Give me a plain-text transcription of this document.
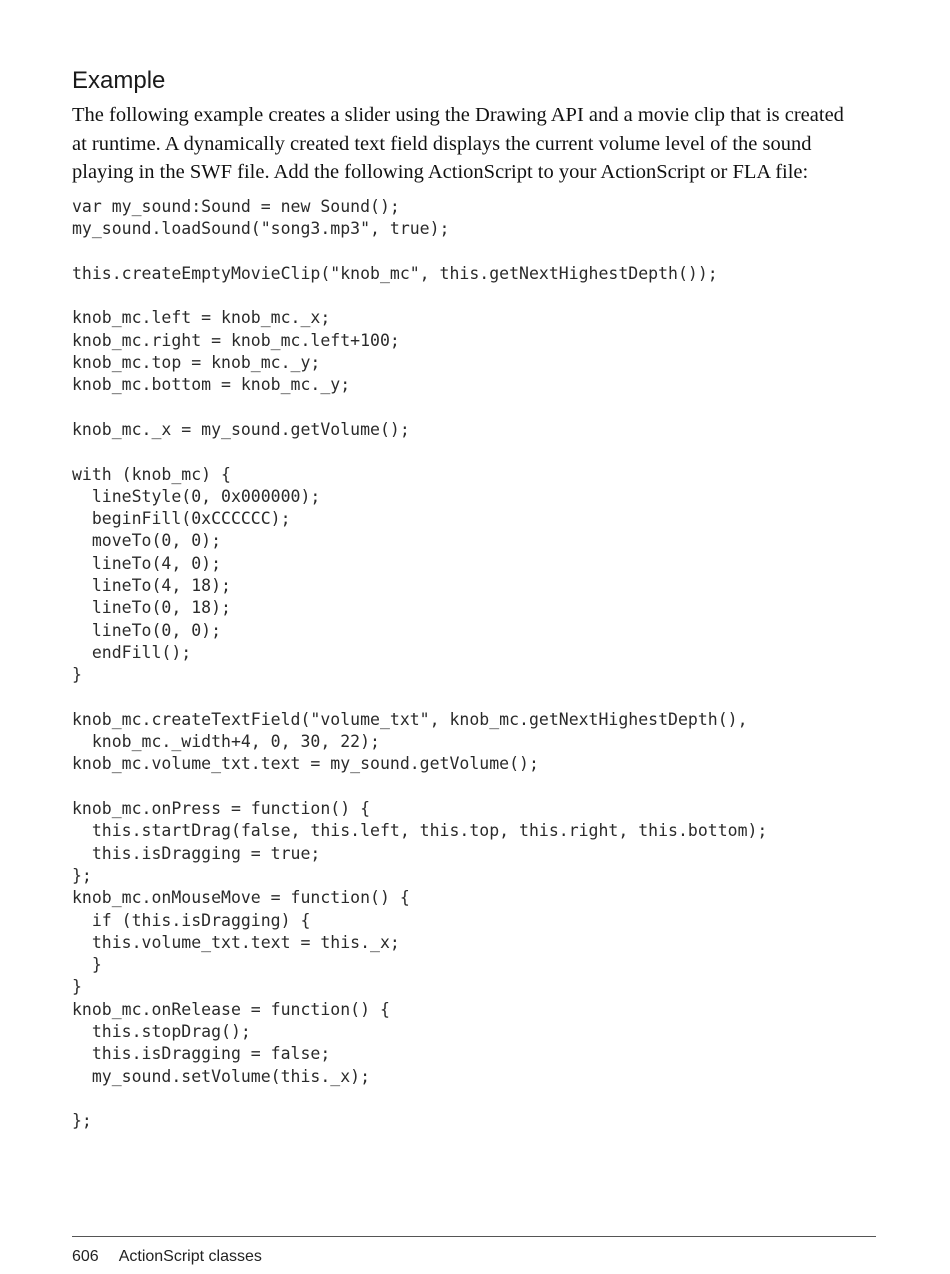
Example

The following example creates a slider using the Drawing API and a movie clip that is created
at runtime. A dynamically created text field displays the current volume level of the sound
playing in the SWF file. Add the following ActionScript to your ActionScript or FLA file:

var my_sound:Sound = new Sound();
my_sound.loadSound("song3.mp3", true);
this.createEmptyMovieClip("knob_mc", this.getNextHighestDepth());
knob_mc.left = knob_mc._x;
knob_mc.right = knob_mc.left+100;
knob_mc.top = knob_mc._y;
knob_mc.bottom = knob_mc._y;
knob_mc._x = my_sound.getVolume();
with (knob_mc) {
lineStyle(0, 0x000000);
beginFill(0xCCCCCC);
moveTo(0, 0);
lineTo(4, 0);
lineTo(4, 18);
lineTo(0, 18);
lineTo(0, 0);
endFill();
}
knob_mc.createTextField("volume_txt", knob_mc.getNextHighestDepth(),
knob_mc._width+4, 0, 30, 22);
knob_mc.volume_txt.text = my_sound.getVolume();
knob_mc.onPress = function() {
this.startDrag(false, this.left, this.top, this.right, this.bottom);
this.isDragging = true;
};
knob_mc.onMouseMove = function() {
if (this.isDragging) {
this.volume_txt.text = this._x;
}
}
knob_mc.onRelease = function() {
this.stopDrag();
this.isDragging = false;
my_sound.setVolume(this._x);
};
606 ActionScript classes
